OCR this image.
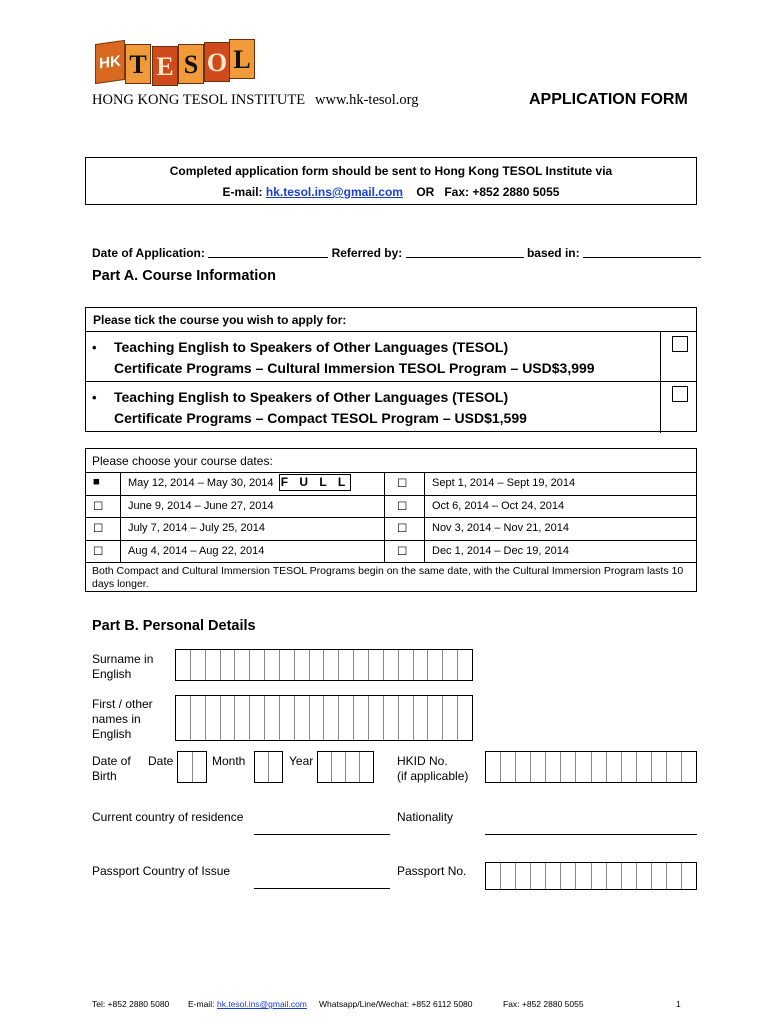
HK T E S O L
HONG KONG TESOL INSTITUTE www.hk-tesol.org	APPLICATION FORM
Completed application form should be sent to Hong Kong TESOL Institute via
E-mail: hk.tesol.ins@gmail.com OR Fax: +852 2880 5055
Date of Application:	Referred by:	based in:
Part A. Course Information
Please tick the course you wish to apply for:
• Teaching English to Speakers of Other Languages (TESOL)
Certificate Programs – Cultural Immersion TESOL Program – USD$3,999
• Teaching English to Speakers of Other Languages (TESOL)
Certificate Programs – Compact TESOL Program – USD$1,599
Please choose your course dates:
■	May 12, 2014 – May 30, 2014 F U L L	☐ Sept 1, 2014 – Sept 19, 2014
☐ June 9, 2014 – June 27, 2014	☐ Oct 6, 2014 – Oct 24, 2014
☐ July 7, 2014 – July 25, 2014	☐ Nov 3, 2014 – Nov 21, 2014
☐ Aug 4, 2014 – Aug 22, 2014	☐ Dec 1, 2014 – Dec 19, 2014
Both Compact and Cultural Immersion TESOL Programs begin on the same date, with the Cultural Immersion Program lasts 10
days longer.
Part B. Personal Details
Surname in
English
First / other
names in
English
Date of
Birth
Date	Month	Year	HKID No.
(if applicable)
Current country of residence	Nationality
Passport Country of Issue	Passport No.
Tel: +852 2880 5080 E-mail: hk.tesol.ins@gmail.com Whatsapp/Line/Wechat: +852 6112 5080	Fax: +852 2880 5055	1
